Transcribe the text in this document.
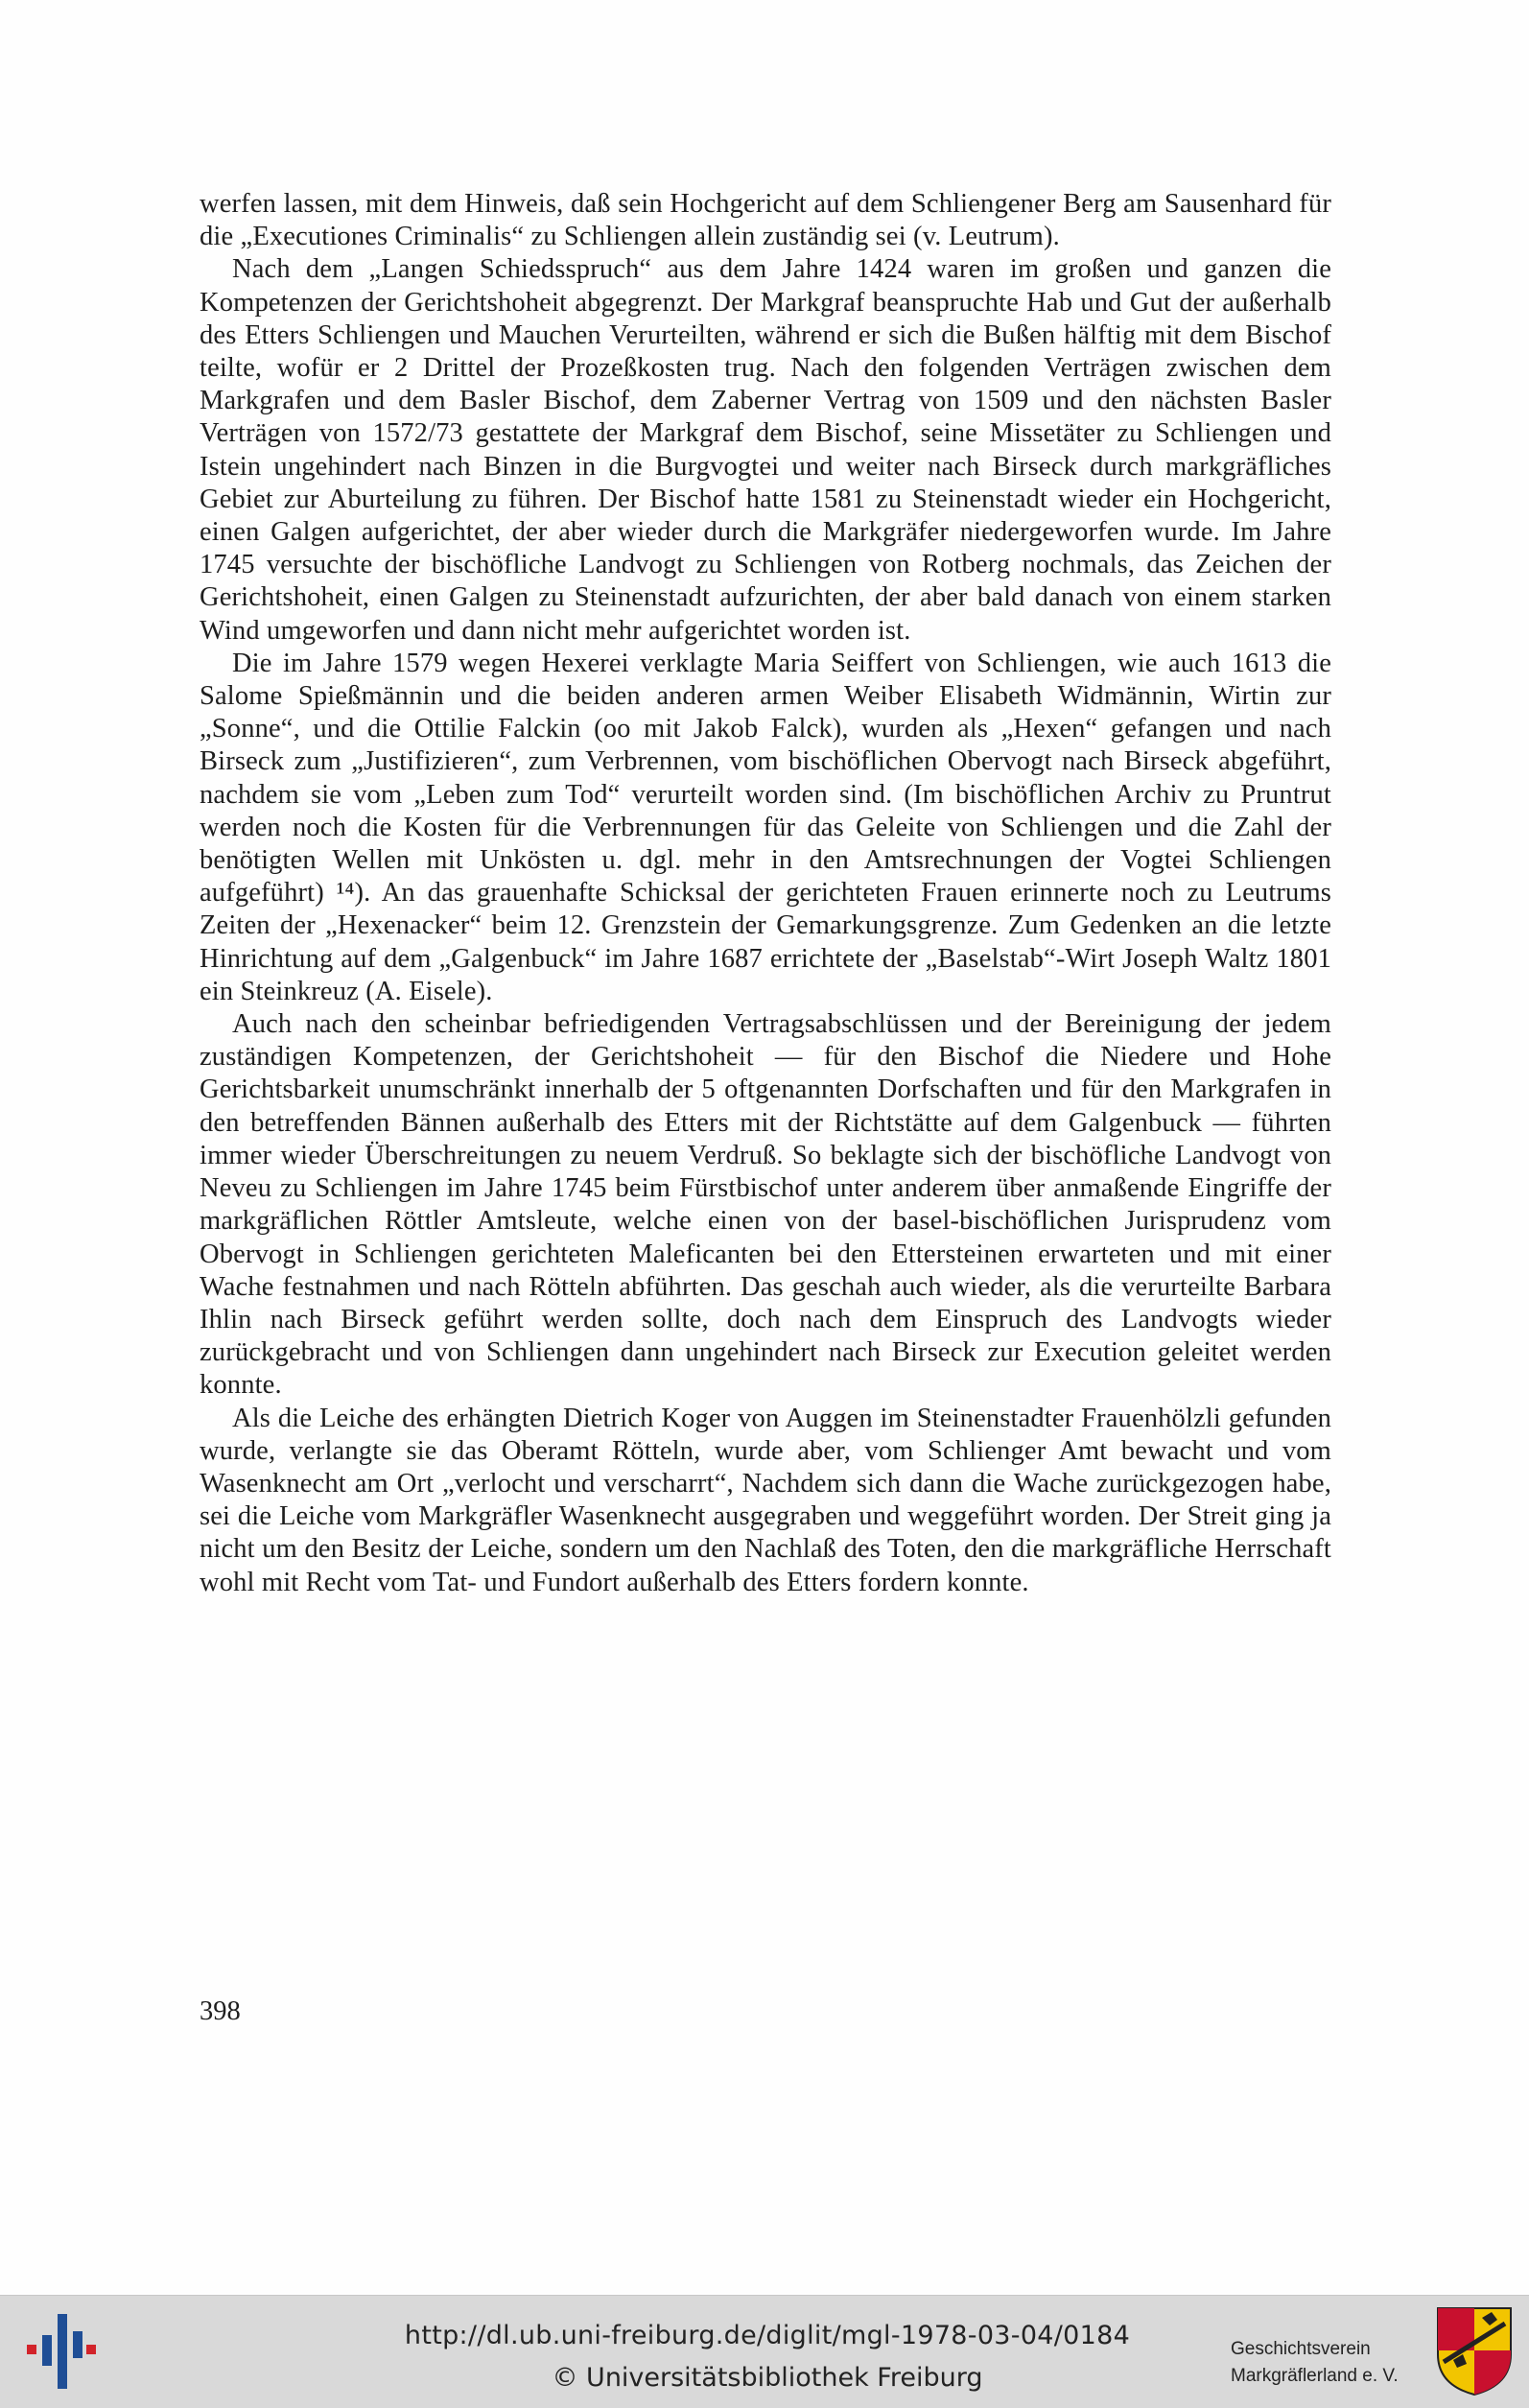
werfen lassen, mit dem Hinweis, daß sein Hochgericht auf dem Schliengener Berg am Sausenhard für die „Executiones Criminalis“ zu Schliengen allein zuständig sei (v. Leutrum).

Nach dem „Langen Schiedsspruch“ aus dem Jahre 1424 waren im großen und ganzen die Kompetenzen der Gerichtshoheit abgegrenzt. Der Markgraf beanspruchte Hab und Gut der außerhalb des Etters Schliengen und Mauchen Verurteilten, während er sich die Bußen hälftig mit dem Bischof teilte, wofür er 2 Drittel der Prozeßkosten trug. Nach den folgenden Verträgen zwischen dem Markgrafen und dem Basler Bischof, dem Zaberner Vertrag von 1509 und den nächsten Basler Verträgen von 1572/73 gestattete der Markgraf dem Bischof, seine Missetäter zu Schliengen und Istein ungehindert nach Binzen in die Burgvogtei und weiter nach Birseck durch markgräfliches Gebiet zur Aburteilung zu führen. Der Bischof hatte 1581 zu Steinenstadt wieder ein Hochgericht, einen Galgen aufgerichtet, der aber wieder durch die Markgräfer niedergeworfen wurde. Im Jahre 1745 versuchte der bischöfliche Landvogt zu Schliengen von Rotberg nochmals, das Zeichen der Gerichtshoheit, einen Galgen zu Steinenstadt aufzurichten, der aber bald danach von einem starken Wind umgeworfen und dann nicht mehr aufgerichtet worden ist.

Die im Jahre 1579 wegen Hexerei verklagte Maria Seiffert von Schliengen, wie auch 1613 die Salome Spießmännin und die beiden anderen armen Weiber Elisabeth Widmännin, Wirtin zur „Sonne“, und die Ottilie Falckin (oo mit Jakob Falck), wurden als „Hexen“ gefangen und nach Birseck zum „Justifizieren“, zum Verbrennen, vom bischöflichen Obervogt nach Birseck abgeführt, nachdem sie vom „Leben zum Tod“ verurteilt worden sind. (Im bischöflichen Archiv zu Pruntrut werden noch die Kosten für die Verbrennungen für das Geleite von Schliengen und die Zahl der benötigten Wellen mit Unkösten u. dgl. mehr in den Amtsrechnungen der Vogtei Schliengen aufgeführt) ¹⁴). An das grauenhafte Schicksal der gerichteten Frauen erinnerte noch zu Leutrums Zeiten der „Hexenacker“ beim 12. Grenzstein der Gemarkungsgrenze. Zum Gedenken an die letzte Hinrichtung auf dem „Galgenbuck“ im Jahre 1687 errichtete der „Baselstab“-Wirt Joseph Waltz 1801 ein Steinkreuz (A. Eisele).

Auch nach den scheinbar befriedigenden Vertragsabschlüssen und der Bereinigung der jedem zuständigen Kompetenzen, der Gerichtshoheit — für den Bischof die Niedere und Hohe Gerichtsbarkeit unumschränkt innerhalb der 5 oftgenannten Dorfschaften und für den Markgrafen in den betreffenden Bännen außerhalb des Etters mit der Richtstätte auf dem Galgenbuck — führten immer wieder Überschreitungen zu neuem Verdruß. So beklagte sich der bischöfliche Landvogt von Neveu zu Schliengen im Jahre 1745 beim Fürstbischof unter anderem über anmaßende Eingriffe der markgräflichen Röttler Amtsleute, welche einen von der basel-bischöflichen Jurisprudenz vom Obervogt in Schliengen gerichteten Maleficanten bei den Ettersteinen erwarteten und mit einer Wache festnahmen und nach Rötteln abführten. Das geschah auch wieder, als die verurteilte Barbara Ihlin nach Birseck geführt werden sollte, doch nach dem Einspruch des Landvogts wieder zurückgebracht und von Schliengen dann ungehindert nach Birseck zur Execution geleitet werden konnte.

Als die Leiche des erhängten Dietrich Koger von Auggen im Steinenstadter Frauenhölzli gefunden wurde, verlangte sie das Oberamt Rötteln, wurde aber, vom Schlienger Amt bewacht und vom Wasenknecht am Ort „verlocht und verscharrt“, Nachdem sich dann die Wache zurückgezogen habe, sei die Leiche vom Markgräfler Wasenknecht ausgegraben und weggeführt worden. Der Streit ging ja nicht um den Besitz der Leiche, sondern um den Nachlaß des Toten, den die markgräfliche Herrschaft wohl mit Recht vom Tat- und Fundort außerhalb des Etters fordern konnte.

398
http://dl.ub.uni-freiburg.de/diglit/mgl-1978-03-04/0184
© Universitätsbibliothek Freiburg
Geschichtsverein
Markgräflerland e. V.
